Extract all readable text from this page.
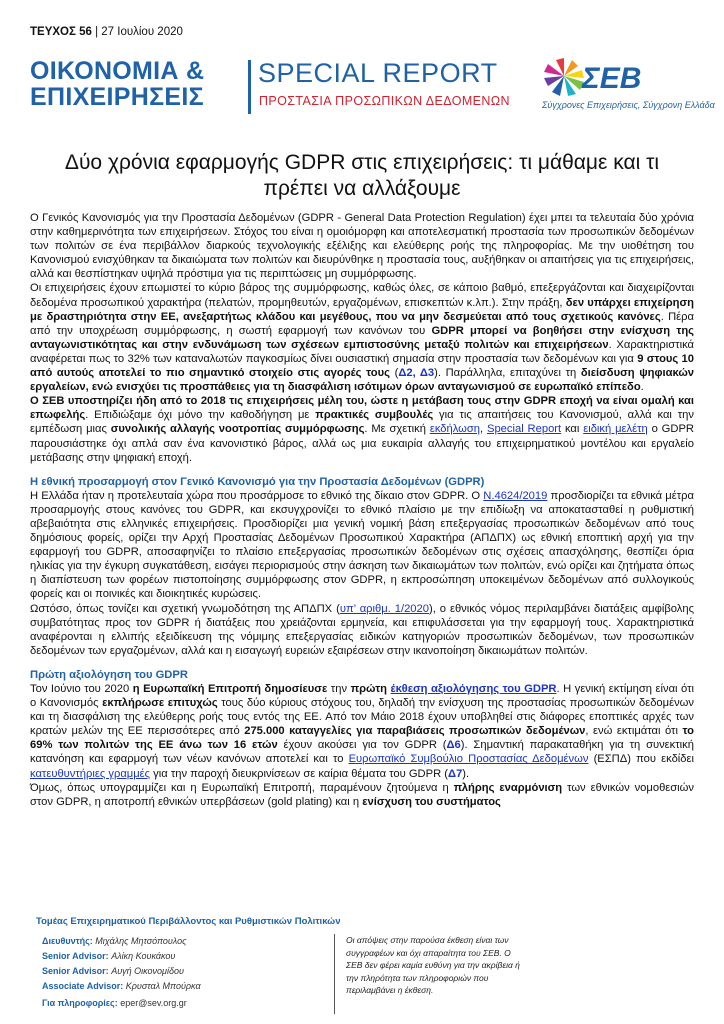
ΤΕΥΧΟΣ 56 | 27 Ιουλίου 2020
ΟΙΚΟΝΟΜΙΑ &
ΕΠΙΧΕΙΡΗΣΕΙΣ
SPECIAL REPORT
ΠΡΟΣΤΑΣΙΑ ΠΡΟΣΩΠΙΚΩΝ ΔΕΔΟΜΕΝΩΝ
ΣΕΒ
Σύγχρονες Επιχειρήσεις, Σύγχρονη Ελλάδα
Δύο χρόνια εφαρμογής GDPR στις επιχειρήσεις: τι μάθαμε και τι πρέπει να αλλάξουμε

Ο Γενικός Κανονισμός για την Προστασία Δεδομένων (GDPR - General Data Protection Regulation) έχει μπει τα τελευταία δύο χρόνια στην καθημερινότητα των επιχειρήσεων. Στόχος του είναι η ομοιόμορφη και αποτελεσματική προστασία των προσωπικών δεδομένων των πολιτών σε ένα περιβάλλον διαρκούς τεχνολογικής εξέλιξης και ελεύθερης ροής της πληροφορίας. Με την υιοθέτηση του Κανονισμού ενισχύθηκαν τα δικαιώματα των πολιτών και διευρύνθηκε η προστασία τους, αυξήθηκαν οι απαιτήσεις για τις επιχειρήσεις, αλλά και θεσπίστηκαν υψηλά πρόστιμα για τις περιπτώσεις μη συμμόρφωσης.

Οι επιχειρήσεις έχουν επωμιστεί το κύριο βάρος της συμμόρφωσης, καθώς όλες, σε κάποιο βαθμό, επεξεργάζονται και διαχειρίζονται δεδομένα προσωπικού χαρακτήρα (πελατών, προμηθευτών, εργαζομένων, επισκεπτών κ.λπ.). Στην πράξη, δεν υπάρχει επιχείρηση με δραστηριότητα στην ΕΕ, ανεξαρτήτως κλάδου και μεγέθους, που να μην δεσμεύεται από τους σχετικούς κανόνες. Πέρα από την υποχρέωση συμμόρφωσης, η σωστή εφαρμογή των κανόνων του GDPR μπορεί να βοηθήσει στην ενίσχυση της ανταγωνιστικότητας και στην ενδυνάμωση των σχέσεων εμπιστοσύνης μεταξύ πολιτών και επιχειρήσεων. Χαρακτηριστικά αναφέρεται πως το 32% των καταναλωτών παγκοσμίως δίνει ουσιαστική σημασία στην προστασία των δεδομένων και για 9 στους 10 από αυτούς αποτελεί το πιο σημαντικό στοιχείο στις αγορές τους (Δ2, Δ3). Παράλληλα, επιταχύνει τη διείσδυση ψηφιακών εργαλείων, ενώ ενισχύει τις προσπάθειες για τη διασφάλιση ισότιμων όρων ανταγωνισμού σε ευρωπαϊκό επίπεδο.

Ο ΣΕΒ υποστηρίζει ήδη από το 2018 τις επιχειρήσεις μέλη του, ώστε η μετάβαση τους στην GDPR εποχή να είναι ομαλή και επωφελής. Επιδιώξαμε όχι μόνο την καθοδήγηση με πρακτικές συμβουλές για τις απαιτήσεις του Κανονισμού, αλλά και την εμπέδωση μιας συνολικής αλλαγής νοοτροπίας συμμόρφωσης. Με σχετική εκδήλωση, Special Report και ειδική μελέτη ο GDPR παρουσιάστηκε όχι απλά σαν ένα κανονιστικό βάρος, αλλά ως μια ευκαιρία αλλαγής του επιχειρηματικού μοντέλου και εργαλείο μετάβασης στην ψηφιακή εποχή.

Η εθνική προσαρμογή στον Γενικό Κανονισμό για την Προστασία Δεδομένων (GDPR)

Η Ελλάδα ήταν η προτελευταία χώρα που προσάρμοσε το εθνικό της δίκαιο στον GDPR. Ο Ν.4624/2019 προσδιορίζει τα εθνικά μέτρα προσαρμογής στους κανόνες του GDPR, και εκσυγχρονίζει το εθνικό πλαίσιο με την επιδίωξη να αποκατασταθεί η ρυθμιστική αβεβαιότητα στις ελληνικές επιχειρήσεις. Προσδιορίζει μια γενική νομική βάση επεξεργασίας προσωπικών δεδομένων από τους δημόσιους φορείς, ορίζει την Αρχή Προστασίας Δεδομένων Προσωπικού Χαρακτήρα (ΑΠΔΠΧ) ως εθνική εποπτική αρχή για την εφαρμογή του GDPR, αποσαφηνίζει το πλαίσιο επεξεργασίας προσωπικών δεδομένων στις σχέσεις απασχόλησης, θεσπίζει όρια ηλικίας για την έγκυρη συγκατάθεση, εισάγει περιορισμούς στην άσκηση των δικαιωμάτων των πολιτών, ενώ ορίζει και ζητήματα όπως η διαπίστευση των φορέων πιστοποίησης συμμόρφωσης στον GDPR, η εκπροσώπηση υποκειμένων δεδομένων από συλλογικούς φορείς και οι ποινικές και διοικητικές κυρώσεις.

Ωστόσο, όπως τονίζει και σχετική γνωμοδότηση της ΑΠΔΠΧ (υπ’ αριθμ. 1/2020), ο εθνικός νόμος περιλαμβάνει διατάξεις αμφίβολης συμβατότητας προς τον GDPR ή διατάξεις που χρειάζονται ερμηνεία, και επιφυλάσσεται για την εφαρμογή τους. Χαρακτηριστικά αναφέρονται η ελλιπής εξειδίκευση της νόμιμης επεξεργασίας ειδικών κατηγοριών προσωπικών δεδομένων, των προσωπικών δεδομένων των εργαζομένων, αλλά και η εισαγωγή ευρειών εξαιρέσεων στην ικανοποίηση δικαιωμάτων πολιτών.

Πρώτη αξιολόγηση του GDPR

Τον Ιούνιο του 2020 η Ευρωπαϊκή Επιτροπή δημοσίευσε την πρώτη έκθεση αξιολόγησης του GDPR. Η γενική εκτίμηση είναι ότι ο Κανονισμός εκπλήρωσε επιτυχώς τους δύο κύριους στόχους του, δηλαδή την ενίσχυση της προστασίας προσωπικών δεδομένων και τη διασφάλιση της ελεύθερης ροής τους εντός της ΕΕ. Από τον Μάιο 2018 έχουν υποβληθεί στις διάφορες εποπτικές αρχές των κρατών μελών της ΕΕ περισσότερες από 275.000 καταγγελίες για παραβιάσεις προσωπικών δεδομένων, ενώ εκτιμάται ότι το 69% των πολιτών της ΕΕ άνω των 16 ετών έχουν ακούσει για τον GDPR (Δ6). Σημαντική παρακαταθήκη για τη συνεκτική κατανόηση και εφαρμογή των νέων κανόνων αποτελεί και το Ευρωπαϊκό Συμβούλιο Προστασίας Δεδομένων (ΕΣΠΔ) που εκδίδει κατευθυντήριες γραμμές για την παροχή διευκρινίσεων σε καίρια θέματα του GDPR (Δ7).

Όμως, όπως υπογραμμίζει και η Ευρωπαϊκή Επιτροπή, παραμένουν ζητούμενα η πλήρης εναρμόνιση των εθνικών νομοθεσιών στον GDPR, η αποτροπή εθνικών υπερβάσεων (gold plating) και η ενίσχυση του συστήματος

Τομέας Επιχειρηματικού Περιβάλλοντος και Ρυθμιστικών Πολιτικών
Διευθυντής: Μιχάλης Μητσόπουλος
Senior Advisor: Αλίκη Κουκάκου
Senior Advisor: Αυγή Οικονομίδου
Associate Advisor: Κρυσταλ Μπούρκα
Για πληροφορίες: eper@sev.org.gr
Οι απόψεις στην παρούσα έκθεση είναι των συγγραφέων και όχι απαραίτητα του ΣΕΒ. Ο ΣΕΒ δεν φέρει καμία ευθύνη για την ακρίβεια ή την πληρότητα των πληροφοριών που περιλαμβάνει η έκθεση.
